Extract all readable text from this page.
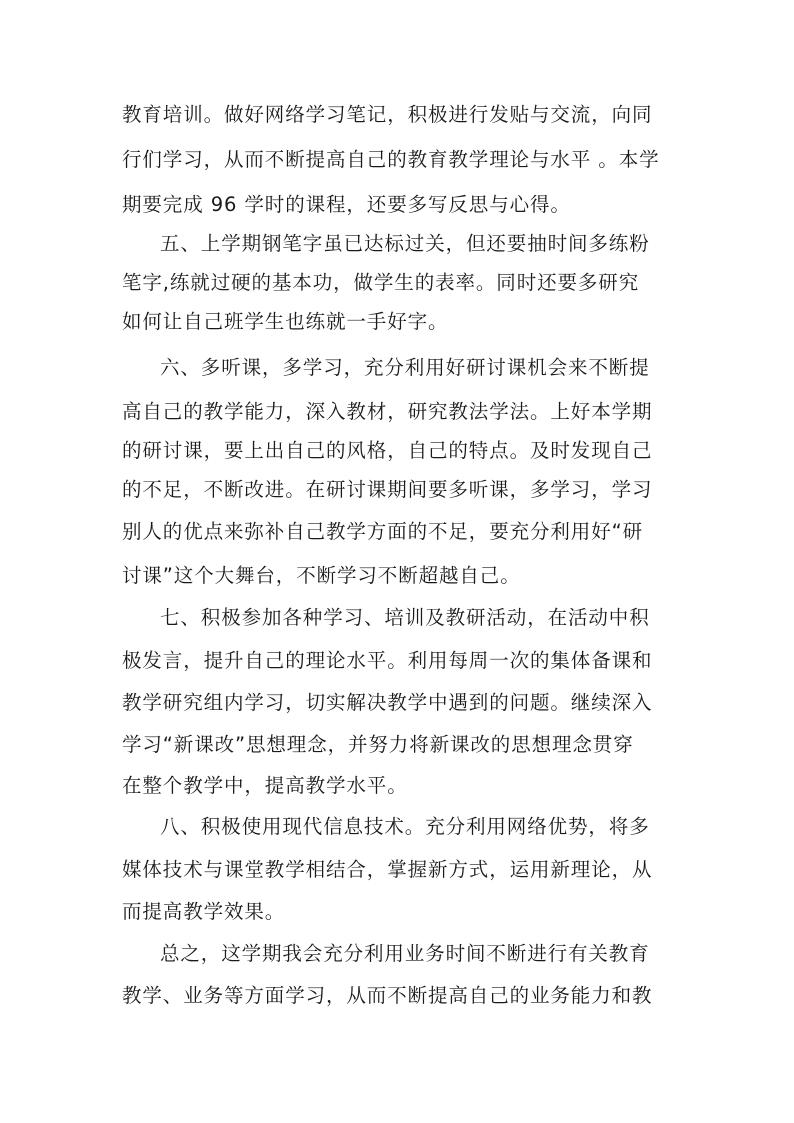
教育培训。做好网络学习笔记，积极进行发贴与交流，向同
行们学习，从而不断提高自己的教育教学理论与水平 。本学
期要完成 96 学时的课程，还要多写反思与心得。
五、上学期钢笔字虽已达标过关，但还要抽时间多练粉
笔字,练就过硬的基本功，做学生的表率。同时还要多研究
如何让自己班学生也练就一手好字。
六、多听课，多学习，充分利用好研讨课机会来不断提
高自己的教学能力，深入教材，研究教法学法。上好本学期
的研讨课，要上出自己的风格，自己的特点。及时发现自己
的不足，不断改进。在研讨课期间要多听课，多学习，学习
别人的优点来弥补自己教学方面的不足，要充分利用好“研
讨课”这个大舞台，不断学习不断超越自己。
七、积极参加各种学习、培训及教研活动，在活动中积
极发言，提升自己的理论水平。利用每周一次的集体备课和
教学研究组内学习，切实解决教学中遇到的问题。继续深入
学习“新课改”思想理念，并努力将新课改的思想理念贯穿
在整个教学中，提高教学水平。
八、积极使用现代信息技术。充分利用网络优势，将多
媒体技术与课堂教学相结合，掌握新方式，运用新理论，从
而提高教学效果。
总之，这学期我会充分利用业务时间不断进行有关教育
教学、业务等方面学习，从而不断提高自己的业务能力和教
